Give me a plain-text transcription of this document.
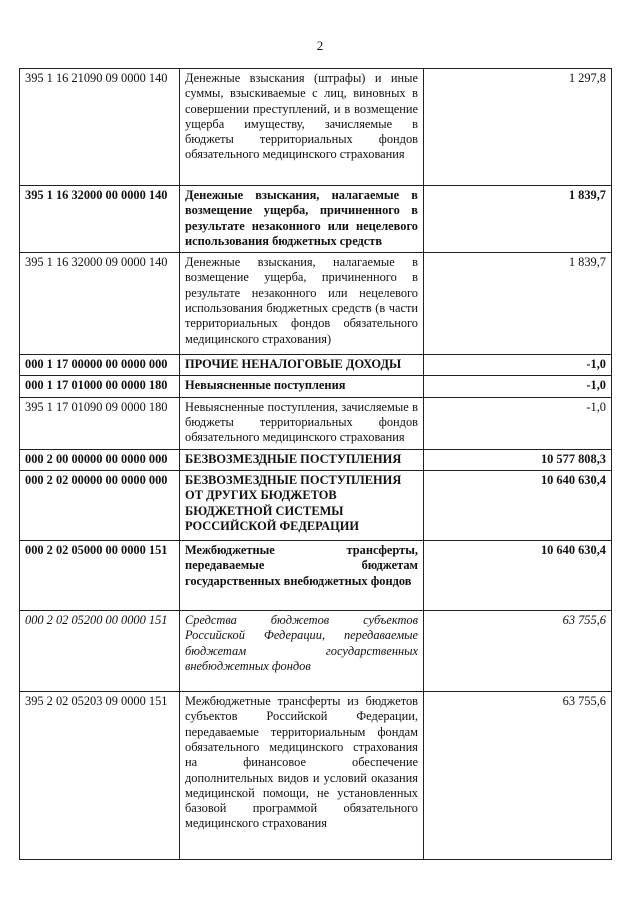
2
395 1 16 21090 09 0000 140	Денежные взыскания (штрафы) и иные суммы, взыскиваемые с лиц, виновных в совершении преступлений, и в возмещение ущерба имуществу, зачисляемые в бюджеты территориальных фондов обязательного медицинского страхования	1 297,8
395 1 16 32000 00 0000 140	Денежные взыскания, налагаемые в возмещение ущерба, причиненного в результате незаконного или нецелевого использования бюджетных средств	1 839,7
395 1 16 32000 09 0000 140	Денежные взыскания, налагаемые в возмещение ущерба, причиненного в результате незаконного или нецелевого использования бюджетных средств (в части территориальных фондов обязательного медицинского страхования)	1 839,7
000 1 17 00000 00 0000 000	ПРОЧИЕ НЕНАЛОГОВЫЕ ДОХОДЫ	-1,0
000 1 17 01000 00 0000 180	Невыясненные поступления	-1,0
395 1 17 01090 09 0000 180	Невыясненные поступления, зачисляемые в бюджеты территориальных фондов обязательного медицинского страхования	-1,0
000 2 00 00000 00 0000 000	БЕЗВОЗМЕЗДНЫЕ ПОСТУПЛЕНИЯ	10 577 808,3
000 2 02 00000 00 0000 000	БЕЗВОЗМЕЗДНЫЕ ПОСТУПЛЕНИЯ ОТ ДРУГИХ БЮДЖЕТОВ БЮДЖЕТНОЙ СИСТЕМЫ РОССИЙСКОЙ ФЕДЕРАЦИИ	10 640 630,4
000 2 02 05000 00 0000 151	Межбюджетные трансферты, передаваемые бюджетам государственных внебюджетных фондов	10 640 630,4
000 2 02 05200 00 0000 151	Средства бюджетов субъектов Российской Федерации, передаваемые бюджетам государственных внебюджетных фондов	63 755,6
395 2 02 05203 09 0000 151	Межбюджетные трансферты из бюджетов субъектов Российской Федерации, передаваемые территориальным фондам обязательного медицинского страхования на финансовое обеспечение дополнительных видов и условий оказания медицинской помощи, не установленных базовой программой обязательного медицинского страхования	63 755,6
